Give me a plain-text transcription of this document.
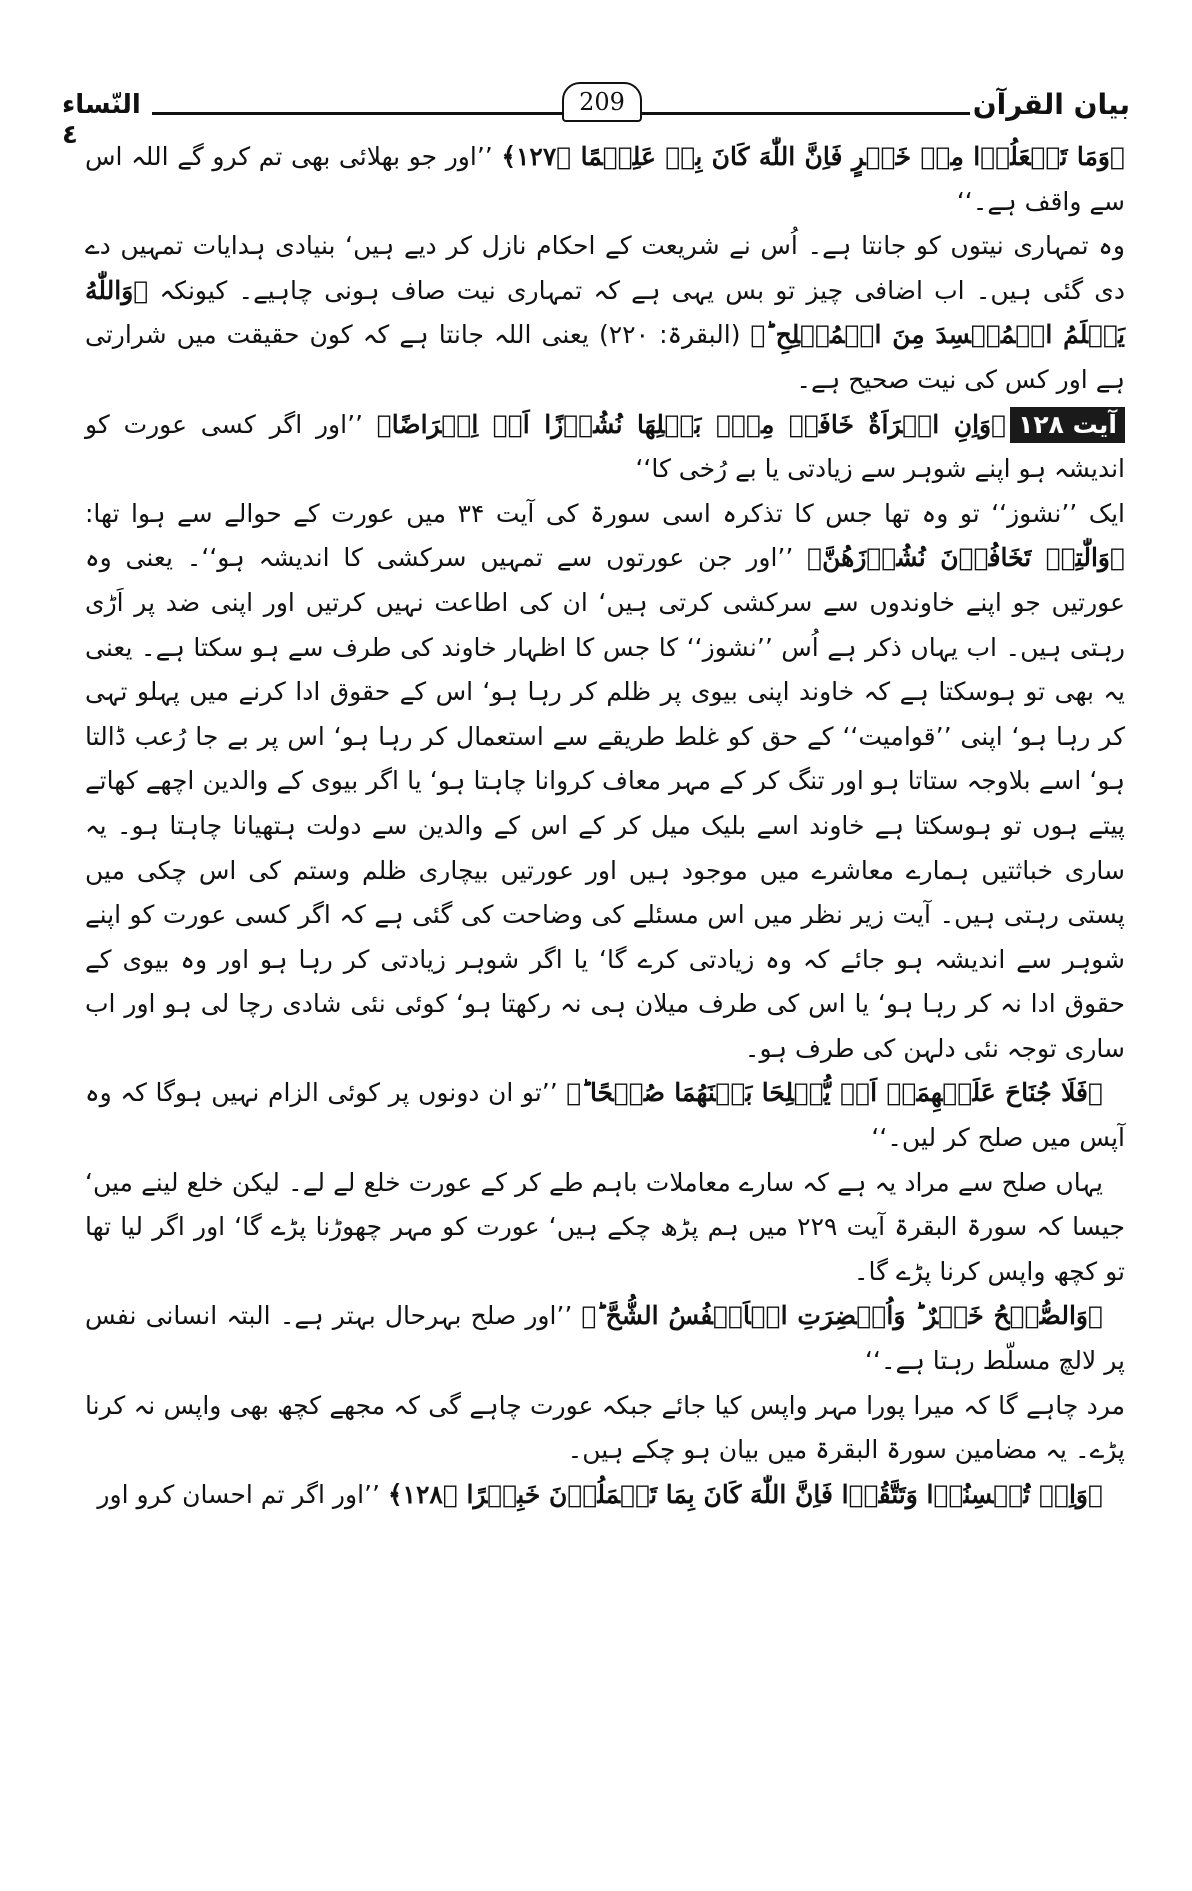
النّساء ٤
209	بیان القرآن

﴿وَمَا تَفۡعَلُوۡا مِنۡ خَيۡرٍ فَاِنَّ اللّٰهَ كَانَ بِهٖ عَلِيۡمًا ﴿١٢٧﴾ ’’اور جو بھلائی بھی تم کرو گے اللہ اس سے واقف ہے۔‘‘

وہ تمہاری نیتوں کو جانتا ہے۔ اُس نے شریعت کے احکام نازل کر دیے ہیں‘ بنیادی ہدایات تمہیں دے دی گئی ہیں۔ اب اضافی چیز تو بس یہی ہے کہ تمہاری نیت صاف ہونی چاہیے۔ کیونکہ ﴿وَاللّٰهُ يَعۡلَمُ الۡمُفۡسِدَ مِنَ الۡمُصۡلِحِ ؕ﴾ (البقرۃ: ۲۲۰) یعنی اللہ جانتا ہے کہ کون حقیقت میں شرارتی ہے اور کس کی نیت صحیح ہے۔

آیت ۱۲۸﴿وَاِنِ امۡرَاَةٌ خَافَتۡ مِنۡۢ بَعۡلِهَا نُشُوۡزًا اَوۡ اِعۡرَاضًا﴾ ’’اور اگر کسی عورت کو اندیشہ ہو اپنے شوہر سے زیادتی یا بے رُخی کا‘‘

ایک ’’نشوز‘‘ تو وہ تھا جس کا تذکرہ اسی سورۃ کی آیت ۳۴ میں عورت کے حوالے سے ہوا تھا: ﴿وَالّٰتِىۡ تَخَافُوۡنَ نُشُوۡزَهُنَّ﴾ ’’اور جن عورتوں سے تمہیں سرکشی کا اندیشہ ہو‘‘۔ یعنی وہ عورتیں جو اپنے خاوندوں سے سرکشی کرتی ہیں‘ ان کی اطاعت نہیں کرتیں اور اپنی ضد پر اَڑی رہتی ہیں۔ اب یہاں ذکر ہے اُس ’’نشوز‘‘ کا جس کا اظہار خاوند کی طرف سے ہو سکتا ہے۔ یعنی یہ بھی تو ہوسکتا ہے کہ خاوند اپنی بیوی پر ظلم کر رہا ہو‘ اس کے حقوق ادا کرنے میں پہلو تہی کر رہا ہو‘ اپنی ’’قوامیت‘‘ کے حق کو غلط طریقے سے استعمال کر رہا ہو‘ اس پر بے جا رُعب ڈالتا ہو‘ اسے بلاوجہ ستاتا ہو اور تنگ کر کے مہر معاف کروانا چاہتا ہو‘ یا اگر بیوی کے والدین اچھے کھاتے پیتے ہوں تو ہوسکتا ہے خاوند اسے بلیک میل کر کے اس کے والدین سے دولت ہتھیانا چاہتا ہو۔ یہ ساری خباثتیں ہمارے معاشرے میں موجود ہیں اور عورتیں بیچاری ظلم وستم کی اس چکی میں پستی رہتی ہیں۔ آیت زیر نظر میں اس مسئلے کی وضاحت کی گئی ہے کہ اگر کسی عورت کو اپنے شوہر سے اندیشہ ہو جائے کہ وہ زیادتی کرے گا‘ یا اگر شوہر زیادتی کر رہا ہو اور وہ بیوی کے حقوق ادا نہ کر رہا ہو‘ یا اس کی طرف میلان ہی نہ رکھتا ہو‘ کوئی نئی شادی رچا لی ہو اور اب ساری توجہ نئی دلہن کی طرف ہو۔

﴿فَلَا جُنَاحَ عَلَيۡهِمَاۤ اَنۡ يُّصۡلِحَا بَيۡنَهُمَا صُلۡحًا ؕ﴾ ’’تو ان دونوں پر کوئی الزام نہیں ہوگا کہ وہ آپس میں صلح کر لیں۔‘‘

یہاں صلح سے مراد یہ ہے کہ سارے معاملات باہم طے کر کے عورت خلع لے لے۔ لیکن خلع لینے میں‘ جیسا کہ سورۃ البقرۃ آیت ۲۲۹ میں ہم پڑھ چکے ہیں‘ عورت کو مہر چھوڑنا پڑے گا‘ اور اگر لیا تھا تو کچھ واپس کرنا پڑے گا۔

﴿وَالصُّلۡحُ خَيۡرٌ ؕ وَاُحۡضِرَتِ الۡاَنۡفُسُ الشُّحَّ ؕ﴾ ’’اور صلح بہرحال بہتر ہے۔ البتہ انسانی نفس پر لالچ مسلّط رہتا ہے۔‘‘

مرد چاہے گا کہ میرا پورا مہر واپس کیا جائے جبکہ عورت چاہے گی کہ مجھے کچھ بھی واپس نہ کرنا پڑے۔ یہ مضامین سورۃ البقرۃ میں بیان ہو چکے ہیں۔

﴿وَاِنۡ تُحۡسِنُوۡا وَتَتَّقُوۡا فَاِنَّ اللّٰهَ كَانَ بِمَا تَعۡمَلُوۡنَ خَبِيۡرًا ﴿١٢٨﴾ ’’اور اگر تم احسان کرو اور
